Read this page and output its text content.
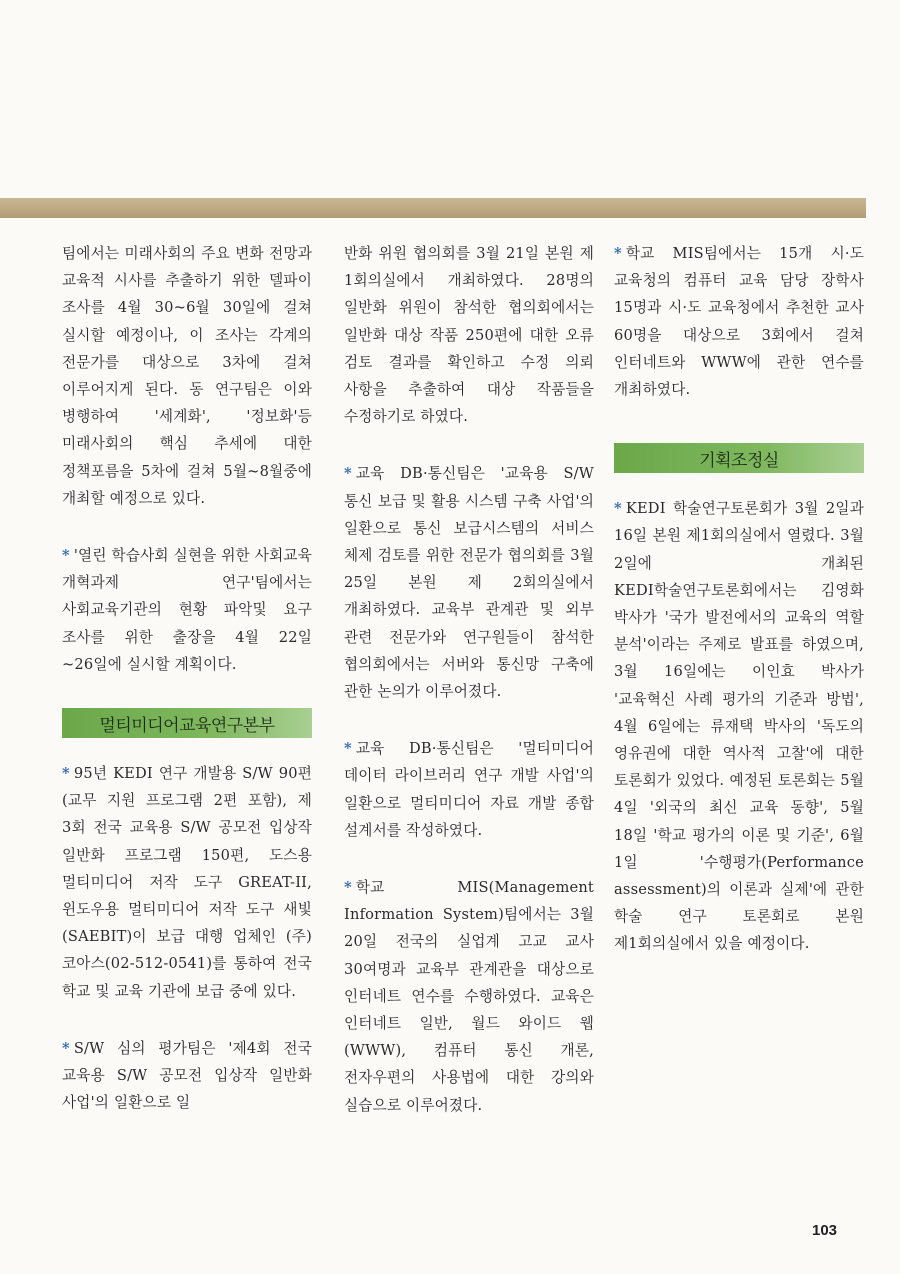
팀에서는 미래사회의 주요 변화 전망과 교육적 시사를 추출하기 위한 델파이 조사를 4월 30~6월 30일에 걸쳐 실시할 예정이나, 이 조사는 각계의 전문가를 대상으로 3차에 걸쳐 이루어지게 된다. 동 연구팀은 이와 병행하여 '세계화', '정보화'등 미래사회의 핵심 추세에 대한 정책포름을 5차에 걸쳐 5월~8월중에 개최할 예정으로 있다.

* '열린 학습사회 실현을 위한 사회교육 개혁과제 연구'팀에서는 사회교육기관의 현황 파악및 요구 조사를 위한 출장을 4월 22일~26일에 실시할 계획이다.

멀티미디어교육연구본부

* 95년 KEDI 연구 개발용 S/W 90편(교무 지원 프로그램 2편 포함), 제 3회 전국 교육용 S/W 공모전 입상작 일반화 프로그램 150편, 도스용 멀티미디어 저작 도구 GREAT-II, 윈도우용 멀티미디어 저작 도구 새빛(SAEBIT)이 보급 대행 업체인 (주)코아스(02-512-0541)를 통하여 전국 학교 및 교육 기관에 보급 중에 있다.

* S/W 심의 평가팀은 '제4회 전국 교육용 S/W 공모전 입상작 일반화 사업'의 일환으로 일

반화 위원 협의회를 3월 21일 본원 제 1회의실에서 개최하였다. 28명의 일반화 위원이 참석한 협의회에서는 일반화 대상 작품 250편에 대한 오류 검토 결과를 확인하고 수정 의뢰 사항을 추출하여 대상 작품들을 수정하기로 하였다.

* 교육 DB·통신팀은 '교육용 S/W 통신 보급 및 활용 시스템 구축 사업'의 일환으로 통신 보급시스템의 서비스 체제 검토를 위한 전문가 협의회를 3월 25일 본원 제 2회의실에서 개최하였다. 교육부 관계관 및 외부 관련 전문가와 연구원들이 참석한 협의회에서는 서버와 통신망 구축에 관한 논의가 이루어졌다.

* 교육 DB·통신팀은 '멀티미디어 데이터 라이브러리 연구 개발 사업'의 일환으로 멀티미디어 자료 개발 종합 설계서를 작성하였다.

* 학교 MIS(Management Information System)팀에서는 3월 20일 전국의 실업계 고교 교사 30여명과 교육부 관계관을 대상으로 인터네트 연수를 수행하였다. 교육은 인터네트 일반, 월드 와이드 웹(WWW), 컴퓨터 통신 개론, 전자우편의 사용법에 대한 강의와 실습으로 이루어졌다.

* 학교 MIS팀에서는 15개 시·도 교육청의 컴퓨터 교육 담당 장학사 15명과 시·도 교육청에서 추천한 교사 60명을 대상으로 3회에서 걸쳐 인터네트와 WWW에 관한 연수를 개최하였다.

기획조정실

* KEDI 학술연구토론회가 3월 2일과 16일 본원 제1회의실에서 열렸다. 3월 2일에 개최된 KEDI학술연구토론회에서는 김영화 박사가 '국가 발전에서의 교육의 역할 분석'이라는 주제로 발표를 하였으며, 3월 16일에는 이인효 박사가 '교육혁신 사례 평가의 기준과 방법', 4월 6일에는 류재택 박사의 '독도의 영유권에 대한 역사적 고찰'에 대한 토론회가 있었다. 예정된 토론회는 5월 4일 '외국의 최신 교육 동향', 5월 18일 '학교 평가의 이론 및 기준', 6월 1일 '수행평가(Performance assessment)의 이론과 실제'에 관한 학술 연구 토론회로 본원 제1회의실에서 있을 예정이다.

103
